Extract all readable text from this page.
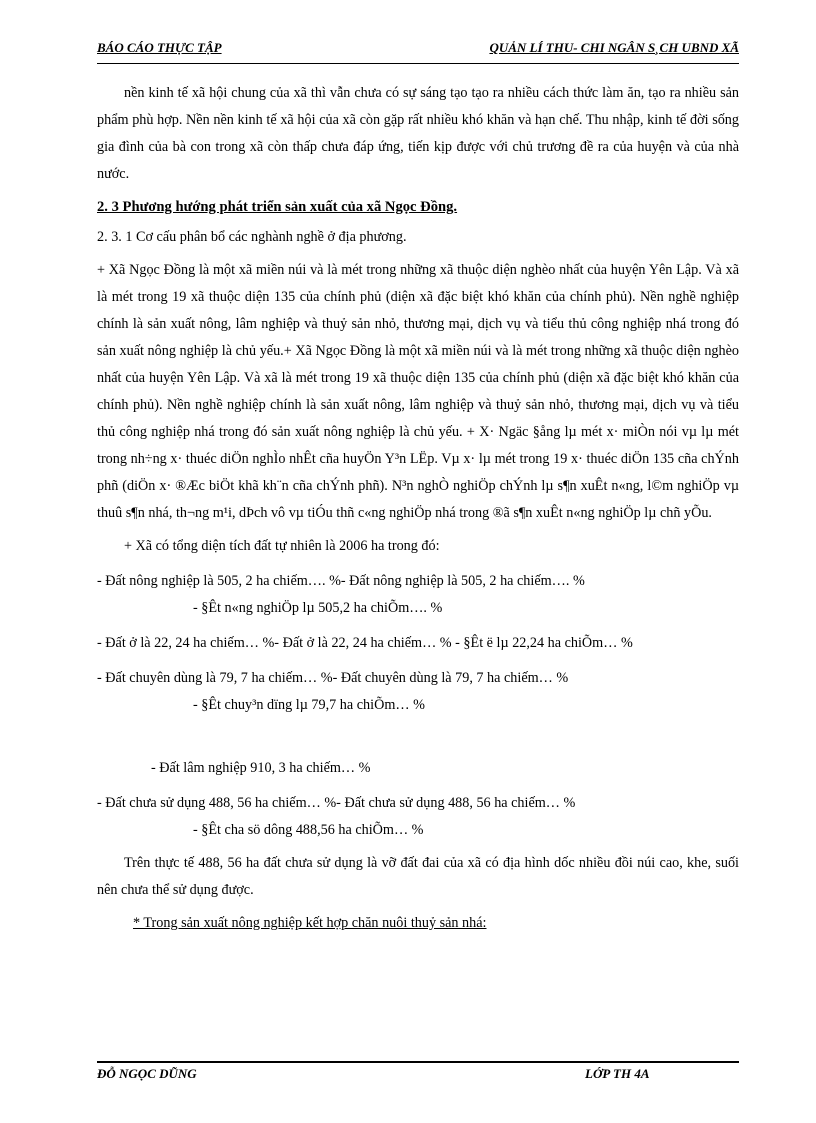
BÁO CÁO THỰC TẬP	QUẢN LÍ THU- CHI NGÂN S¸CH UBND XÃ

nền kinh tế xã hội chung của xã thì vẫn chưa có sự sáng tạo tạo ra nhiều cách thức làm ăn, tạo ra nhiều sản phẩm phù hợp. Nền nền kinh tế xã hội của xã còn gặp rất nhiều khó khăn và hạn chế. Thu nhập, kinh tế đời sống gia đình của bà con trong xã còn thấp chưa đáp ứng, tiến kịp được với chủ trương đề ra của huyện và của nhà nước.

2. 3 Phương hướng phát triển sản xuất của xã Ngọc Đồng.

2. 3. 1 Cơ cấu phân bổ các nghành nghề ở địa phương.

+ Xã Ngọc Đồng là một xã miền núi và là mét trong những xã thuộc diện nghèo nhất của huyện Yên Lập. Và xã là mét trong 19 xã thuộc diện 135 của chính phủ (diện xã đặc biệt khó khăn của chính phủ). Nền nghề nghiệp chính là sản xuất nông, lâm nghiệp và thuỷ sản nhỏ, thương mại, dịch vụ và tiểu thủ công nghiệp nhá trong đó sản xuất nông nghiệp là chủ yếu.+ Xã Ngọc Đồng là một xã miền núi và là mét trong những xã thuộc diện nghèo nhất của huyện Yên Lập. Và xã là mét trong 19 xã thuộc diện 135 của chính phủ (diện xã đặc biệt khó khăn của chính phủ). Nền nghề nghiệp chính là sản xuất nông, lâm nghiệp và thuỷ sản nhỏ, thương mại, dịch vụ và tiểu thủ công nghiệp nhá trong đó sản xuất nông nghiệp là chủ yếu. + X· Ngäc §ång lµ mét x· miÒn nói vµ lµ mét trong nh÷ng x· thuéc diÖn nghÌo nhÊt cña huyÖn Y³n LËp. Vµ x· lµ mét trong 19 x· thuéc diÖn 135 cña chÝnh phñ (diÖn x· ®Æc biÖt khã kh¨n cña chÝnh phñ). N³n nghÒ nghiÖp chÝnh lµ s¶n xuÊt n«ng, l©m nghiÖp vµ thuû s¶n nhá, th¬ng m¹i, dÞch vô vµ tiÓu thñ c«ng nghiÖp nhá trong ®ã s¶n xuÊt n«ng nghiÖp lµ chñ yÕu.

+ Xã có tổng diện tích đất tự nhiên là 2006 ha trong đó:

- Đất nông nghiệp là 505, 2 ha chiếm…. %- Đất nông nghiệp là 505, 2 ha chiếm…. %

- §Êt n«ng nghiÖp lµ 505,2 ha chiÕm…. %

- Đất ở là 22, 24 ha chiếm… %- Đất ở là 22, 24 ha chiếm… % - §Êt ë lµ 22,24 ha chiÕm… %

- Đất chuyên dùng là 79, 7 ha chiếm… %- Đất chuyên dùng là 79, 7 ha chiếm… %

- §Êt chuy³n dïng lµ 79,7 ha chiÕm… %

- Đất lâm nghiệp 910, 3 ha chiếm… %

- Đất chưa sử dụng 488, 56 ha chiếm… %- Đất chưa sử dụng 488, 56 ha chiếm… %

- §Êt cha sö dông 488,56 ha chiÕm… %

Trên thực tế 488, 56 ha đất chưa sử dụng là vỡ đất đai của xã có địa hình dốc nhiều đồi núi cao, khe, suối nên chưa thể sử dụng được.

* Trong sản xuất nông nghiệp kết hợp chăn nuôi thuỷ sản nhá:

ĐỖ NGỌC DŨNG	LỚP TH 4A
